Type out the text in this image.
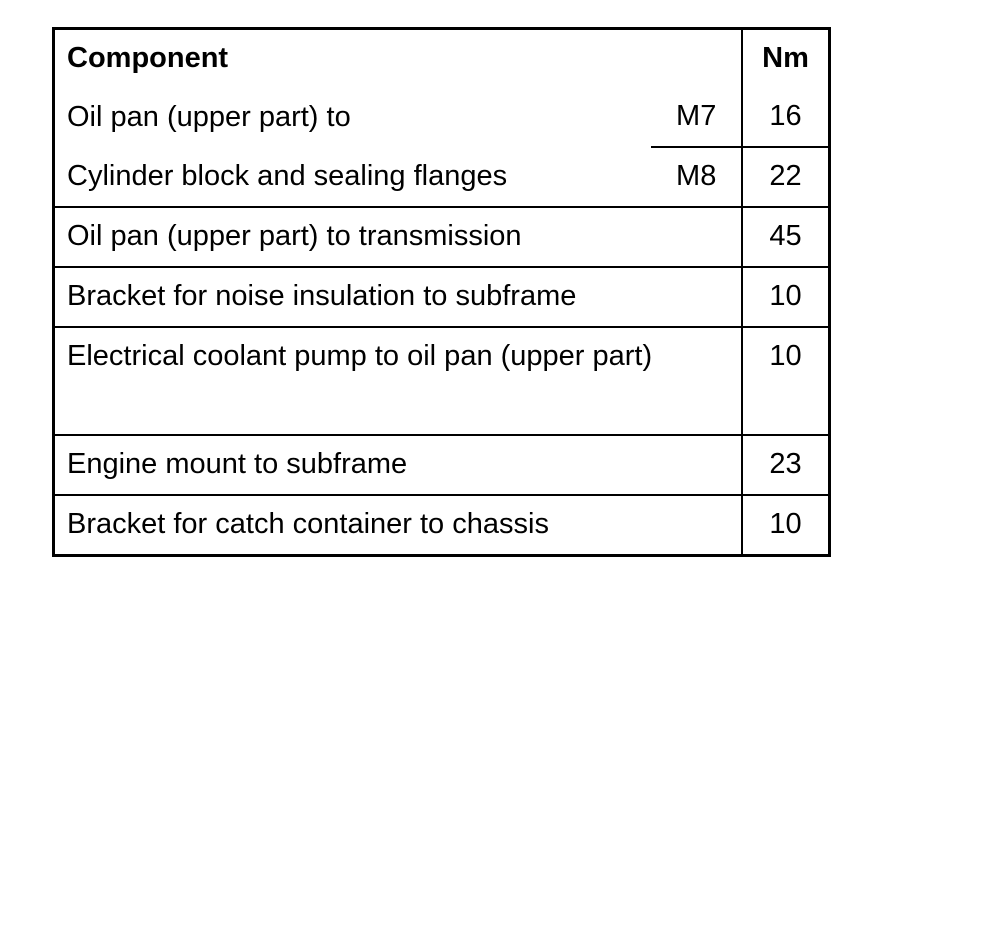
Component		Nm
Oil pan (upper part) to	M7	16
Cylinder block and sealing flanges	M8	22
Oil pan (upper part) to transmission		45
Bracket for noise insulation to subframe		10
Electrical coolant pump to oil pan (upper part)		10
Engine mount to subframe		23
Bracket for catch container to chassis		10
